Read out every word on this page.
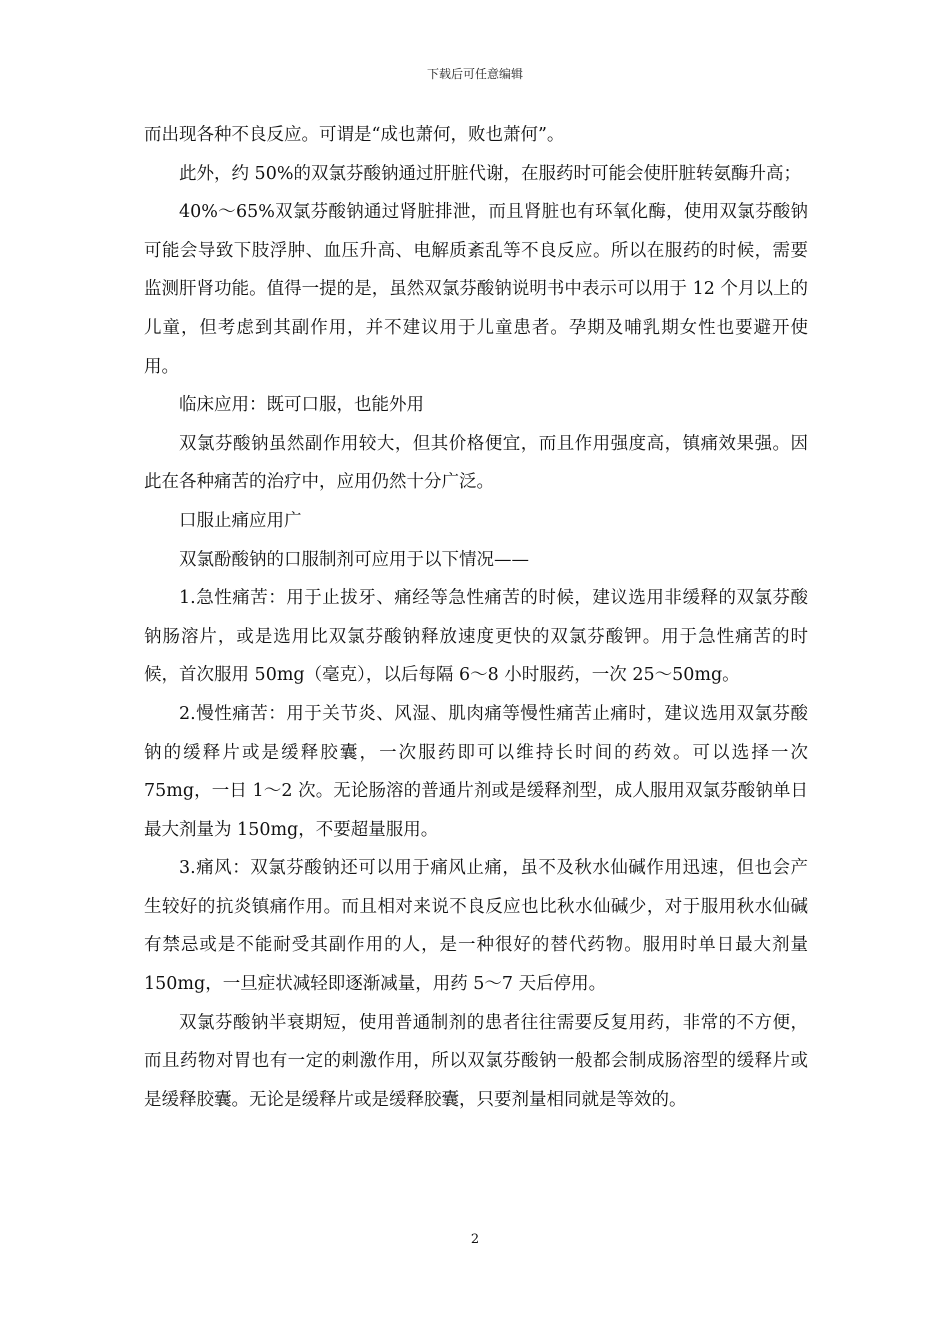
下载后可任意编辑

而出现各种不良反应。可谓是“成也萧何，败也萧何”。

此外，约 50%的双氯芬酸钠通过肝脏代谢，在服药时可能会使肝脏转氨酶升高；

40%～65%双氯芬酸钠通过肾脏排泄，而且肾脏也有环氧化酶，使用双氯芬酸钠可能会导致下肢浮肿、血压升高、电解质紊乱等不良反应。所以在服药的时候，需要监测肝肾功能。值得一提的是，虽然双氯芬酸钠说明书中表示可以用于 12 个月以上的儿童，但考虑到其副作用，并不建议用于儿童患者。孕期及哺乳期女性也要避开使用。

临床应用：既可口服，也能外用

双氯芬酸钠虽然副作用较大，但其价格便宜，而且作用强度高，镇痛效果强。因此在各种痛苦的治疗中，应用仍然十分广泛。

口服止痛应用广

双氯酚酸钠的口服制剂可应用于以下情况——

1.急性痛苦：用于止拔牙、痛经等急性痛苦的时候，建议选用非缓释的双氯芬酸钠肠溶片，或是选用比双氯芬酸钠释放速度更快的双氯芬酸钾。用于急性痛苦的时候，首次服用 50mg（毫克），以后每隔 6～8 小时服药，一次 25～50mg。

2.慢性痛苦：用于关节炎、风湿、肌肉痛等慢性痛苦止痛时，建议选用双氯芬酸钠的缓释片或是缓释胶囊，一次服药即可以维持长时间的药效。可以选择一次 75mg，一日 1～2 次。无论肠溶的普通片剂或是缓释剂型，成人服用双氯芬酸钠单日最大剂量为 150mg，不要超量服用。

3.痛风：双氯芬酸钠还可以用于痛风止痛，虽不及秋水仙碱作用迅速，但也会产生较好的抗炎镇痛作用。而且相对来说不良反应也比秋水仙碱少，对于服用秋水仙碱有禁忌或是不能耐受其副作用的人，是一种很好的替代药物。服用时单日最大剂量 150mg，一旦症状减轻即逐渐减量，用药 5～7 天后停用。

双氯芬酸钠半衰期短，使用普通制剂的患者往往需要反复用药，非常的不方便，而且药物对胃也有一定的刺激作用，所以双氯芬酸钠一般都会制成肠溶型的缓释片或是缓释胶囊。无论是缓释片或是缓释胶囊，只要剂量相同就是等效的。

2
